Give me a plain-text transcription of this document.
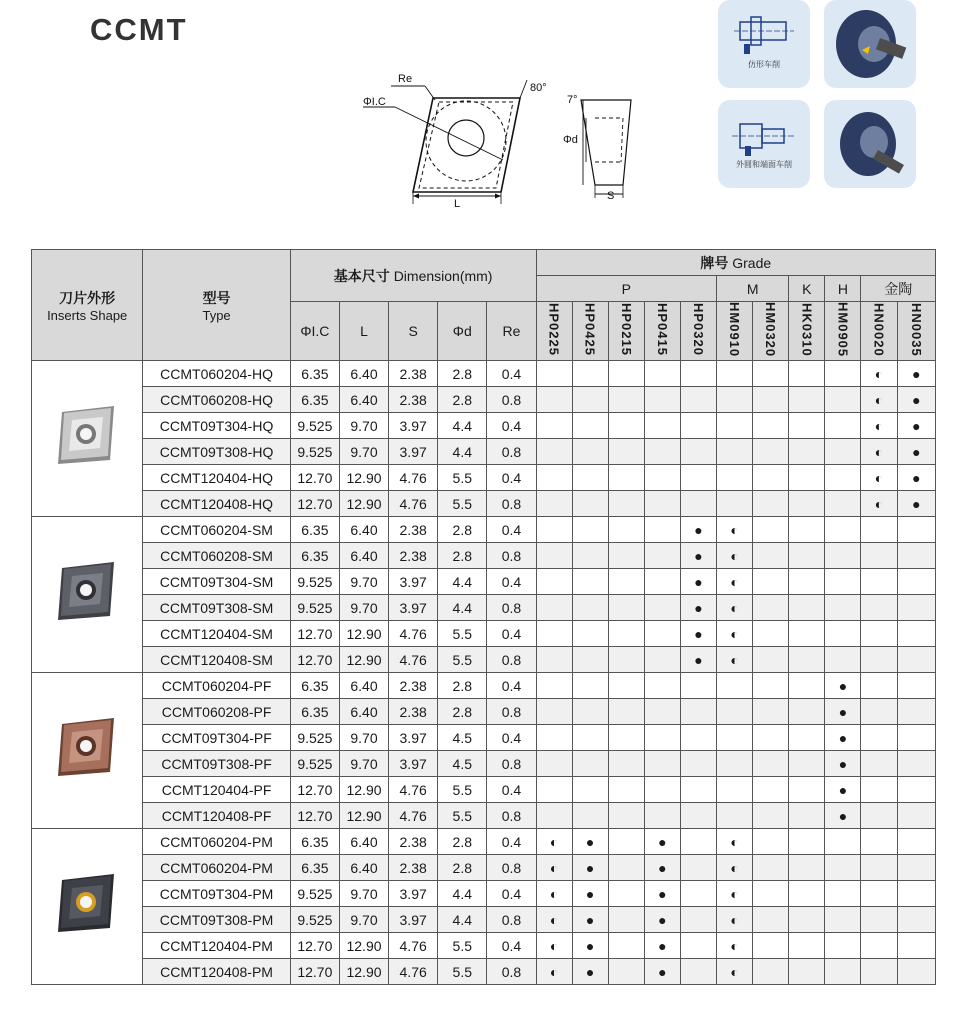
CCMT
Re
ΦI.C
80°
L
7°
Φd
S
仿形车削
外圆和端面车削
刀片外形
Inserts Shape	型号
Type	基本尺寸 Dimension(mm)					牌号 Grade										
							P					M		K	H	金陶	
		ΦI.C	L	S	Φd	Re	HP0225	HP0425	HP0215	HP0415	HP0320	HM0910	HM0320	HK0310	HM0905	HN0020	HN0035
	CCMT060204-HQ	6.35	6.40	2.38	2.8	0.4										◐	●
	CCMT060208-HQ	6.35	6.40	2.38	2.8	0.8										◐	●
	CCMT09T304-HQ	9.525	9.70	3.97	4.4	0.4										◐	●
	CCMT09T308-HQ	9.525	9.70	3.97	4.4	0.8										◐	●
	CCMT120404-HQ	12.70	12.90	4.76	5.5	0.4										◐	●
	CCMT120408-HQ	12.70	12.90	4.76	5.5	0.8										◐	●
	CCMT060204-SM	6.35	6.40	2.38	2.8	0.4					●	◐					
	CCMT060208-SM	6.35	6.40	2.38	2.8	0.8					●	◐					
	CCMT09T304-SM	9.525	9.70	3.97	4.4	0.4					●	◐					
	CCMT09T308-SM	9.525	9.70	3.97	4.4	0.8					●	◐					
	CCMT120404-SM	12.70	12.90	4.76	5.5	0.4					●	◐					
	CCMT120408-SM	12.70	12.90	4.76	5.5	0.8					●	◐					
	CCMT060204-PF	6.35	6.40	2.38	2.8	0.4									●		
	CCMT060208-PF	6.35	6.40	2.38	2.8	0.8									●		
	CCMT09T304-PF	9.525	9.70	3.97	4.5	0.4									●		
	CCMT09T308-PF	9.525	9.70	3.97	4.5	0.8									●		
	CCMT120404-PF	12.70	12.90	4.76	5.5	0.4									●		
	CCMT120408-PF	12.70	12.90	4.76	5.5	0.8									●		
	CCMT060204-PM	6.35	6.40	2.38	2.8	0.4	◐	●		●		◐					
	CCMT060204-PM	6.35	6.40	2.38	2.8	0.8	◐	●		●		◐					
	CCMT09T304-PM	9.525	9.70	3.97	4.4	0.4	◐	●		●		◐					
	CCMT09T308-PM	9.525	9.70	3.97	4.4	0.8	◐	●		●		◐					
	CCMT120404-PM	12.70	12.90	4.76	5.5	0.4	◐	●		●		◐					
	CCMT120408-PM	12.70	12.90	4.76	5.5	0.8	◐	●		●		◐					
